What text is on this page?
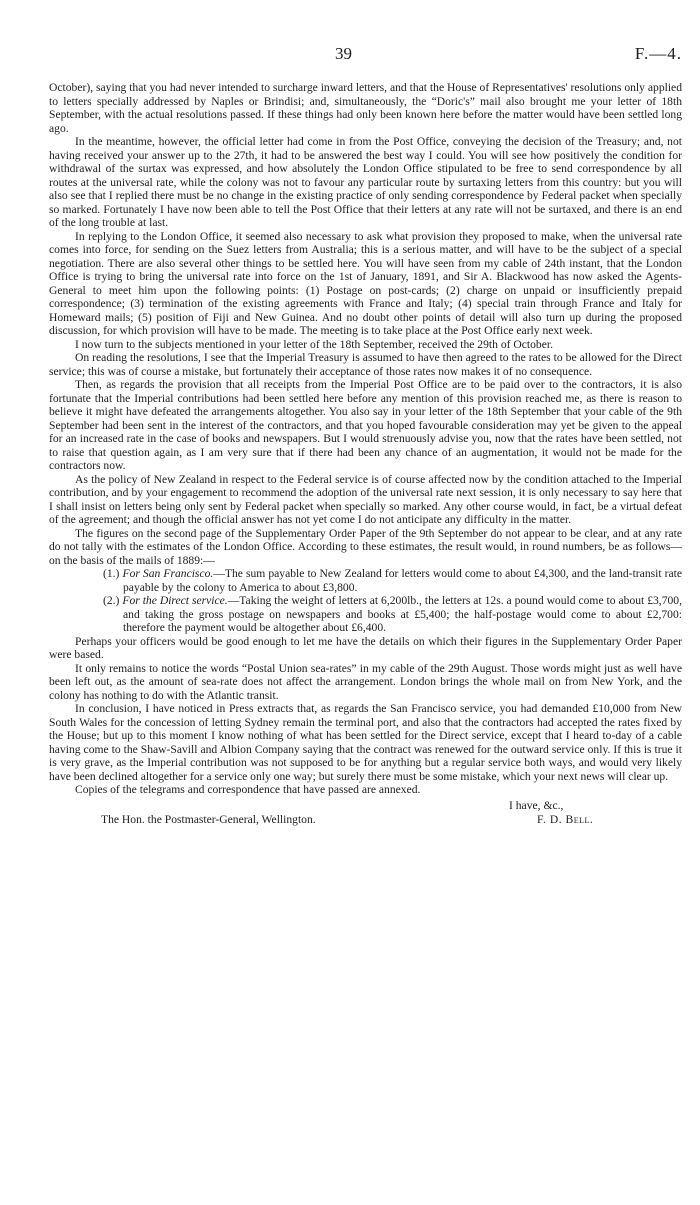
39	F.—4.

October), saying that you had never intended to surcharge inward letters, and that the House of Representatives' resolutions only applied to letters specially addressed by Naples or Brindisi; and, simultaneously, the “Doric's” mail also brought me your letter of 18th September, with the actual resolutions passed. If these things had only been known here before the matter would have been settled long ago.

In the meantime, however, the official letter had come in from the Post Office, conveying the decision of the Treasury; and, not having received your answer up to the 27th, it had to be answered the best way I could. You will see how positively the condition for withdrawal of the surtax was expressed, and how absolutely the London Office stipulated to be free to send correspondence by all routes at the universal rate, while the colony was not to favour any particular route by surtaxing letters from this country: but you will also see that I replied there must be no change in the existing practice of only sending correspondence by Federal packet when specially so marked. Fortunately I have now been able to tell the Post Office that their letters at any rate will not be surtaxed, and there is an end of the long trouble at last.

In replying to the London Office, it seemed also necessary to ask what provision they proposed to make, when the universal rate comes into force, for sending on the Suez letters from Australia; this is a serious matter, and will have to be the subject of a special negotiation. There are also several other things to be settled here. You will have seen from my cable of 24th instant, that the London Office is trying to bring the universal rate into force on the 1st of January, 1891, and Sir A. Blackwood has now asked the Agents-General to meet him upon the following points: (1) Postage on post-cards; (2) charge on unpaid or insufficiently prepaid correspondence; (3) termination of the existing agreements with France and Italy; (4) special train through France and Italy for Homeward mails; (5) position of Fiji and New Guinea. And no doubt other points of detail will also turn up during the proposed discussion, for which provision will have to be made. The meeting is to take place at the Post Office early next week.

I now turn to the subjects mentioned in your letter of the 18th September, received the 29th of October.

On reading the resolutions, I see that the Imperial Treasury is assumed to have then agreed to the rates to be allowed for the Direct service; this was of course a mistake, but fortunately their acceptance of those rates now makes it of no consequence.

Then, as regards the provision that all receipts from the Imperial Post Office are to be paid over to the contractors, it is also fortunate that the Imperial contributions had been settled here before any mention of this provision reached me, as there is reason to believe it might have defeated the arrangements altogether. You also say in your letter of the 18th September that your cable of the 9th September had been sent in the interest of the contractors, and that you hoped favourable consideration may yet be given to the appeal for an increased rate in the case of books and newspapers. But I would strenuously advise you, now that the rates have been settled, not to raise that question again, as I am very sure that if there had been any chance of an augmentation, it would not be made for the contractors now.

As the policy of New Zealand in respect to the Federal service is of course affected now by the condition attached to the Imperial contribution, and by your engagement to recommend the adoption of the universal rate next session, it is only necessary to say here that I shall insist on letters being only sent by Federal packet when specially so marked. Any other course would, in fact, be a virtual defeat of the agreement; and though the official answer has not yet come I do not anticipate any difficulty in the matter.

The figures on the second page of the Supplementary Order Paper of the 9th September do not appear to be clear, and at any rate do not tally with the estimates of the London Office. According to these estimates, the result would, in round numbers, be as follows—on the basis of the mails of 1889:—

(1.) For San Francisco.—The sum payable to New Zealand for letters would come to about £4,300, and the land-transit rate payable by the colony to America to about £3,800.

(2.) For the Direct service.—Taking the weight of letters at 6,200lb., the letters at 12s. a pound would come to about £3,700, and taking the gross postage on newspapers and books at £5,400; the half-postage would come to about £2,700: therefore the payment would be altogether about £6,400.

Perhaps your officers would be good enough to let me have the details on which their figures in the Supplementary Order Paper were based.

It only remains to notice the words “Postal Union sea-rates” in my cable of the 29th August. Those words might just as well have been left out, as the amount of sea-rate does not affect the arrangement. London brings the whole mail on from New York, and the colony has nothing to do with the Atlantic transit.

In conclusion, I have noticed in Press extracts that, as regards the San Francisco service, you had demanded £10,000 from New South Wales for the concession of letting Sydney remain the terminal port, and also that the contractors had accepted the rates fixed by the House; but up to this moment I know nothing of what has been settled for the Direct service, except that I heard to-day of a cable having come to the Shaw-Savill and Albion Company saying that the contract was renewed for the outward service only. If this is true it is very grave, as the Imperial contribution was not supposed to be for anything but a regular service both ways, and would very likely have been declined altogether for a service only one way; but surely there must be some mistake, which your next news will clear up.

Copies of the telegrams and correspondence that have passed are annexed.

I have, &c.,
The Hon. the Postmaster-General, Wellington.	F. D. Bell.
